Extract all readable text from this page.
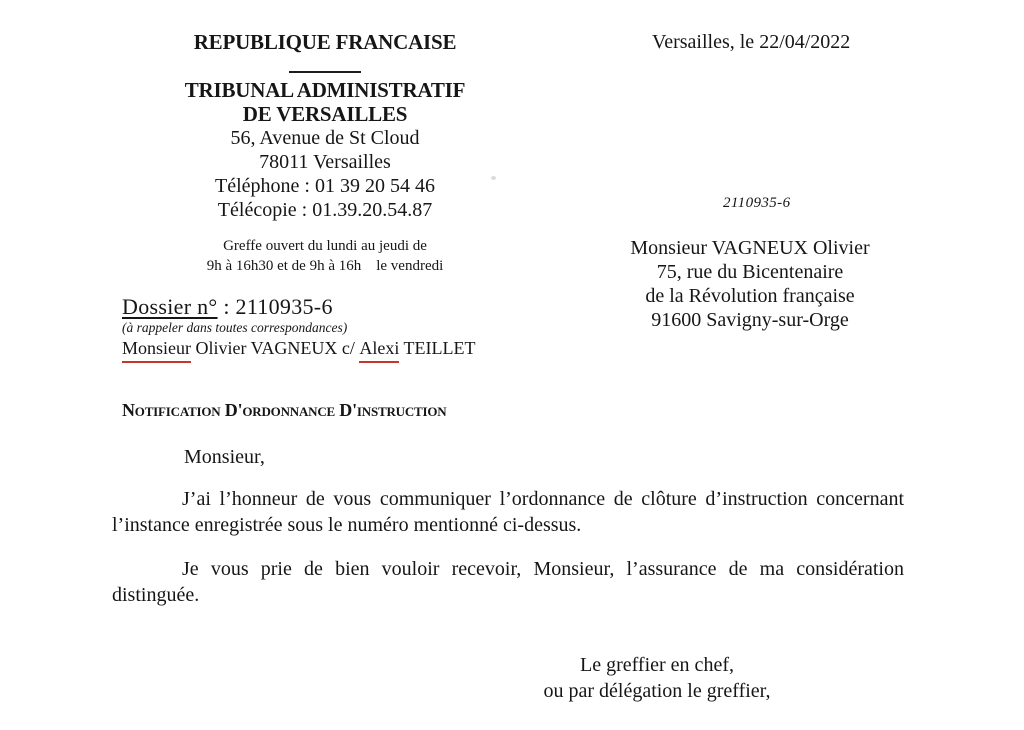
Versailles, le 22/04/2022
REPUBLIQUE FRANCAISE
TRIBUNAL ADMINISTRATIF
DE VERSAILLES
56, Avenue de St Cloud
78011 Versailles
Téléphone : 01 39 20 54 46
Télécopie : 01.39.20.54.87
Greffe ouvert du lundi au jeudi de
9h à 16h30 et de 9h à 16h    le vendredi
Dossier n° : 2110935-6
(à rappeler dans toutes correspondances)
Monsieur Olivier VAGNEUX c/ Alexi TEILLET
2110935-6
Monsieur VAGNEUX Olivier
75, rue du Bicentenaire
de la Révolution française
91600 Savigny-sur-Orge
Notification D'ordonnance D'instruction
Monsieur,
J’ai l’honneur de vous communiquer l’ordonnance de clôture d’instruction concernant
l’instance enregistrée sous le numéro mentionné ci-dessus.
Je vous prie de bien vouloir recevoir, Monsieur, l’assurance de ma considération
distinguée.
Le greffier en chef,
ou par délégation le greffier,
